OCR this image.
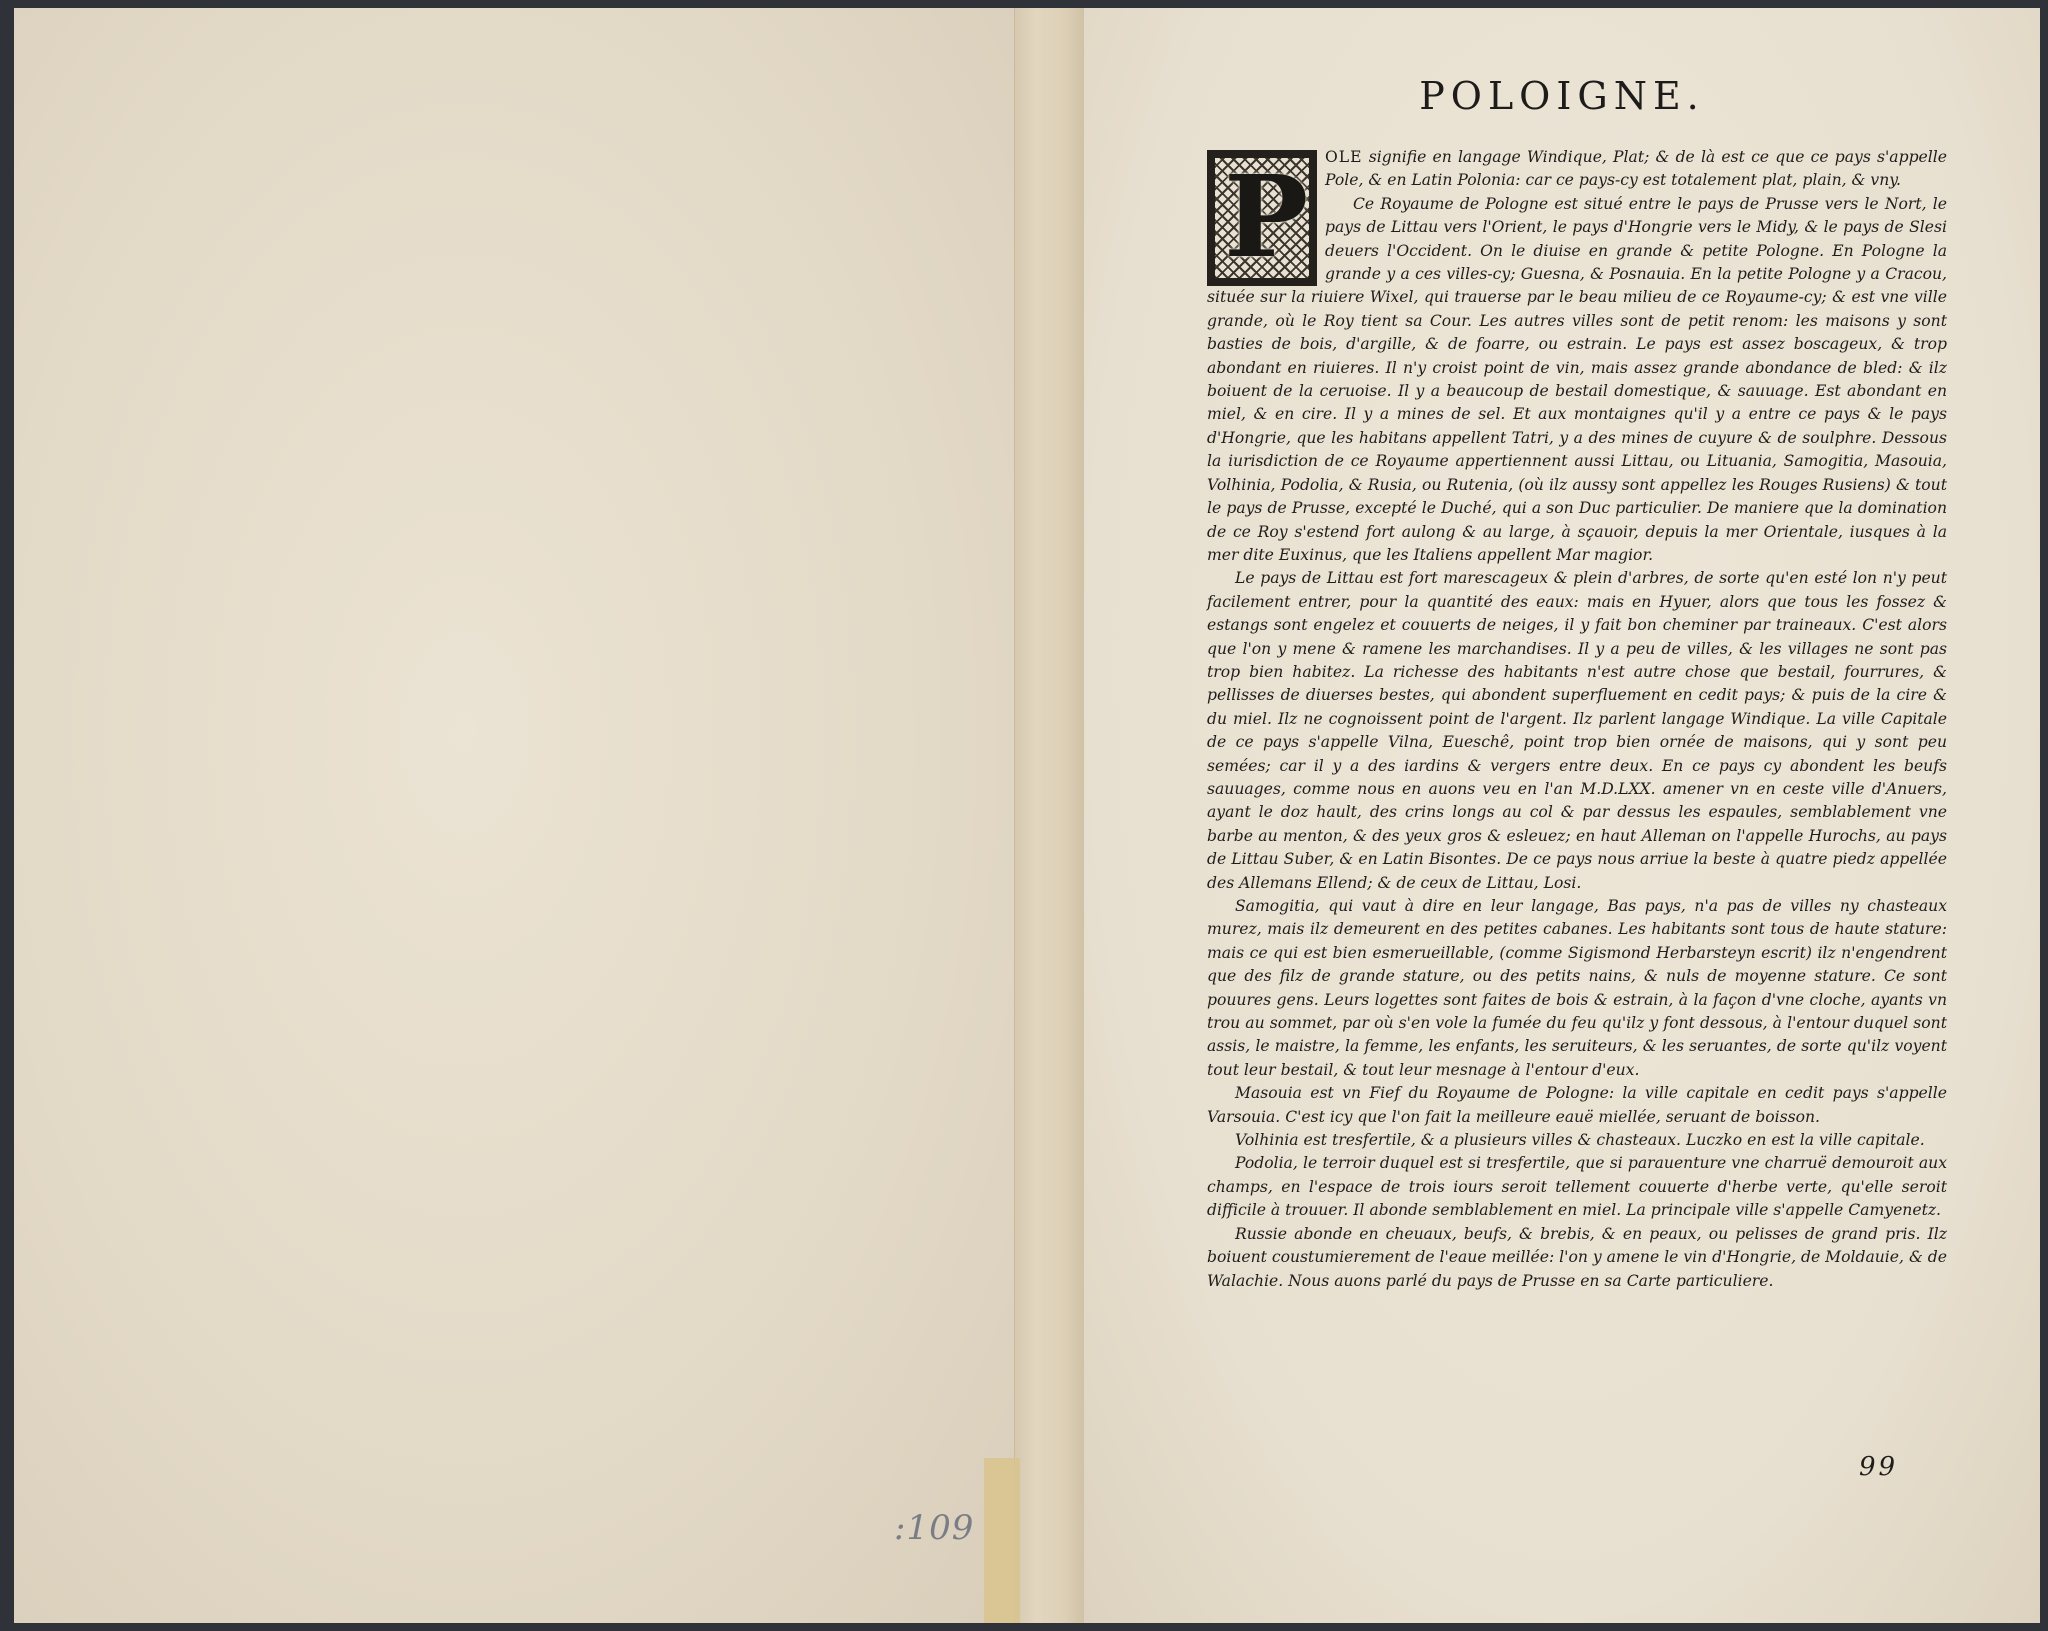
:109
POLOIGNE.
P	OLE signifie en langage Windique, Plat; & de là est ce que ce pays s'appelle Pole, & en Latin Polonia: car ce pays-cy est totalement plat, plain, & vny.

Ce Royaume de Pologne est situé entre le pays de Prusse vers le Nort, le pays de Littau vers l'Orient, le pays d'Hongrie vers le Midy, & le pays de Slesi deuers l'Occident. On le diuise en grande & petite Pologne. En Pologne la grande y a ces villes-cy; Guesna, & Posnauia. En la petite Pologne y a Cracou, située sur la riuiere Wixel, qui trauerse par le beau milieu de ce Royaume-cy; & est vne ville grande, où le Roy tient sa Cour. Les autres villes sont de petit renom: les maisons y sont basties de bois, d'argille, & de foarre, ou estrain. Le pays est assez boscageux, & trop abondant en riuieres. Il n'y croist point de vin, mais assez grande abondance de bled: & ilz boiuent de la ceruoise. Il y a beaucoup de bestail domestique, & sauuage. Est abondant en miel, & en cire. Il y a mines de sel. Et aux montaignes qu'il y a entre ce pays & le pays d'Hongrie, que les habitans appellent Tatri, y a des mines de cuyure & de soulphre. Dessous la iurisdiction de ce Royaume appertiennent aussi Littau, ou Lituania, Samogitia, Masouia, Volhinia, Podolia, & Rusia, ou Rutenia, (où ilz aussy sont appellez les Rouges Rusiens) & tout le pays de Prusse, excepté le Duché, qui a son Duc particulier. De maniere que la domination de ce Roy s'estend fort aulong & au large, à sçauoir, depuis la mer Orientale, iusques à la mer dite Euxinus, que les Italiens appellent Mar magior.

Le pays de Littau est fort marescageux & plein d'arbres, de sorte qu'en esté lon n'y peut facilement entrer, pour la quantité des eaux: mais en Hyuer, alors que tous les fossez & estangs sont engelez et couuerts de neiges, il y fait bon cheminer par traineaux. C'est alors que l'on y mene & ramene les marchandises. Il y a peu de villes, & les villages ne sont pas trop bien habitez. La richesse des habitants n'est autre chose que bestail, fourrures, & pellisses de diuerses bestes, qui abondent superfluement en cedit pays; & puis de la cire & du miel. Ilz ne cognoissent point de l'argent. Ilz parlent langage Windique. La ville Capitale de ce pays s'appelle Vilna, Eueschê, point trop bien ornée de maisons, qui y sont peu semées; car il y a des iardins & vergers entre deux. En ce pays cy abondent les beufs sauuages, comme nous en auons veu en l'an M.D.LXX. amener vn en ceste ville d'Anuers, ayant le doz hault, des crins longs au col & par dessus les espaules, semblablement vne barbe au menton, & des yeux gros & esleuez; en haut Alleman on l'appelle Hurochs, au pays de Littau Suber, & en Latin Bisontes. De ce pays nous arriue la beste à quatre piedz appellée des Allemans Ellend; & de ceux de Littau, Losi.

Samogitia, qui vaut à dire en leur langage, Bas pays, n'a pas de villes ny chasteaux murez, mais ilz demeurent en des petites cabanes. Les habitants sont tous de haute stature: mais ce qui est bien esmerueillable, (comme Sigismond Herbarsteyn escrit) ilz n'engendrent que des filz de grande stature, ou des petits nains, & nuls de moyenne stature. Ce sont pouures gens. Leurs logettes sont faites de bois & estrain, à la façon d'vne cloche, ayants vn trou au sommet, par où s'en vole la fumée du feu qu'ilz y font dessous, à l'entour duquel sont assis, le maistre, la femme, les enfants, les seruiteurs, & les seruantes, de sorte qu'ilz voyent tout leur bestail, & tout leur mesnage à l'entour d'eux.

Masouia est vn Fief du Royaume de Pologne: la ville capitale en cedit pays s'appelle Varsouia. C'est icy que l'on fait la meilleure eauë miellée, seruant de boisson.

Volhinia est tresfertile, & a plusieurs villes & chasteaux. Luczko en est la ville capitale.

Podolia, le terroir duquel est si tresfertile, que si parauenture vne charruë demouroit aux champs, en l'espace de trois iours seroit tellement couuerte d'herbe verte, qu'elle seroit difficile à trouuer. Il abonde semblablement en miel. La principale ville s'appelle Camyenetz.

Russie abonde en cheuaux, beufs, & brebis, & en peaux, ou pelisses de grand pris. Ilz boiuent coustumierement de l'eaue meillée: l'on y amene le vin d'Hongrie, de Moldauie, & de Walachie. Nous auons parlé du pays de Prusse en sa Carte particuliere.

99
